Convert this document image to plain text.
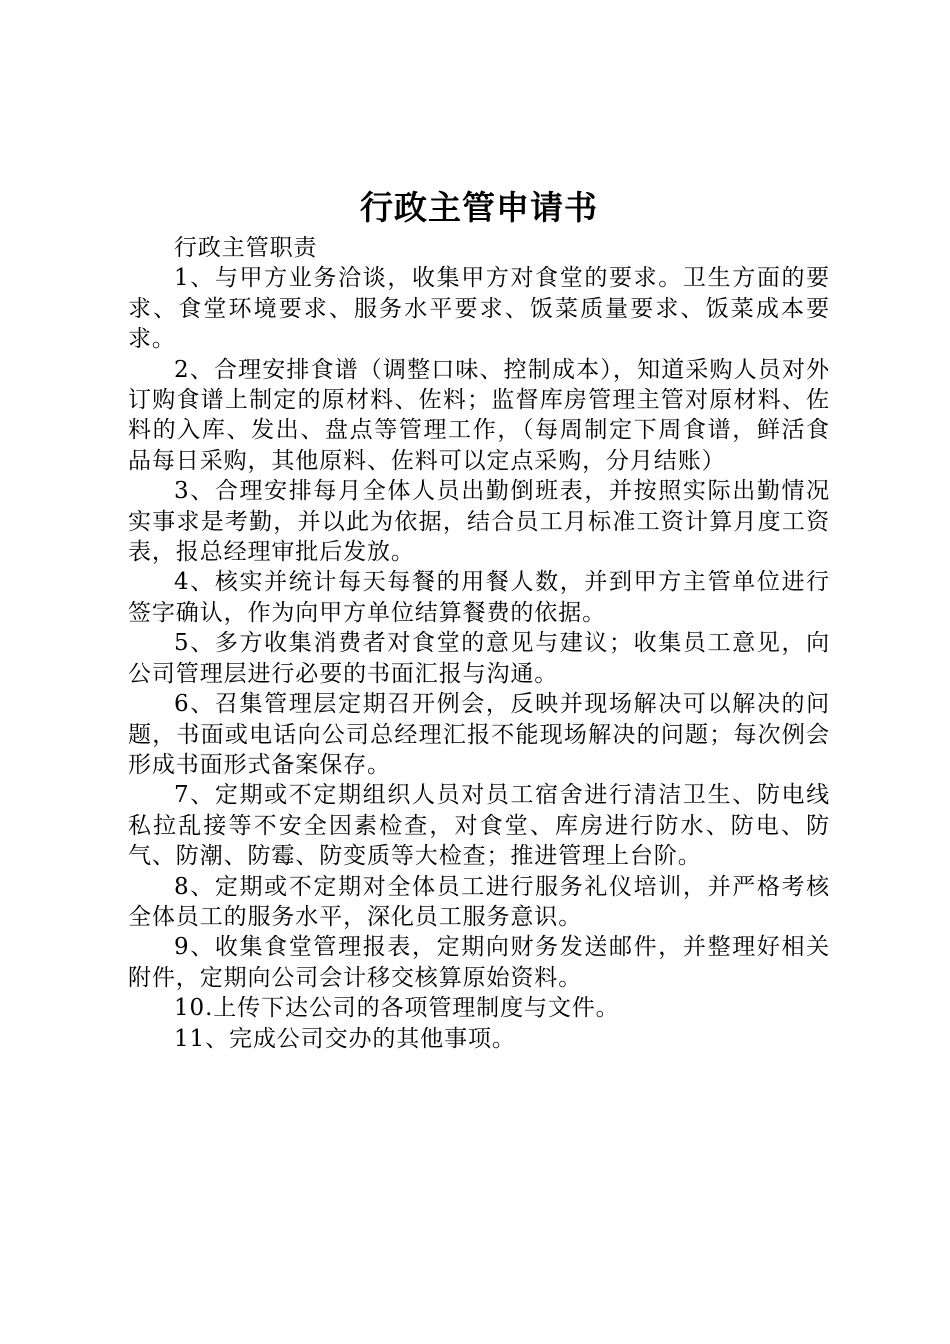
行政主管申请书

行政主管职责

1、与甲方业务洽谈，收集甲方对食堂的要求。卫生方面的要求、食堂环境要求、服务水平要求、饭菜质量要求、饭菜成本要求。

2、合理安排食谱（调整口味、控制成本），知道采购人员对外订购食谱上制定的原材料、佐料；监督库房管理主管对原材料、佐料的入库、发出、盘点等管理工作，（每周制定下周食谱，鲜活食品每日采购，其他原料、佐料可以定点采购，分月结账）

3、合理安排每月全体人员出勤倒班表，并按照实际出勤情况实事求是考勤，并以此为依据，结合员工月标准工资计算月度工资表，报总经理审批后发放。

4、核实并统计每天每餐的用餐人数，并到甲方主管单位进行签字确认，作为向甲方单位结算餐费的依据。

5、多方收集消费者对食堂的意见与建议；收集员工意见，向公司管理层进行必要的书面汇报与沟通。

6、召集管理层定期召开例会，反映并现场解决可以解决的问题，书面或电话向公司总经理汇报不能现场解决的问题；每次例会形成书面形式备案保存。

7、定期或不定期组织人员对员工宿舍进行清洁卫生、防电线私拉乱接等不安全因素检查，对食堂、库房进行防水、防电、防气、防潮、防霉、防变质等大检查；推进管理上台阶。

8、定期或不定期对全体员工进行服务礼仪培训，并严格考核全体员工的服务水平，深化员工服务意识。

9、收集食堂管理报表，定期向财务发送邮件，并整理好相关附件，定期向公司会计移交核算原始资料。

10.上传下达公司的各项管理制度与文件。

11、完成公司交办的其他事项。
